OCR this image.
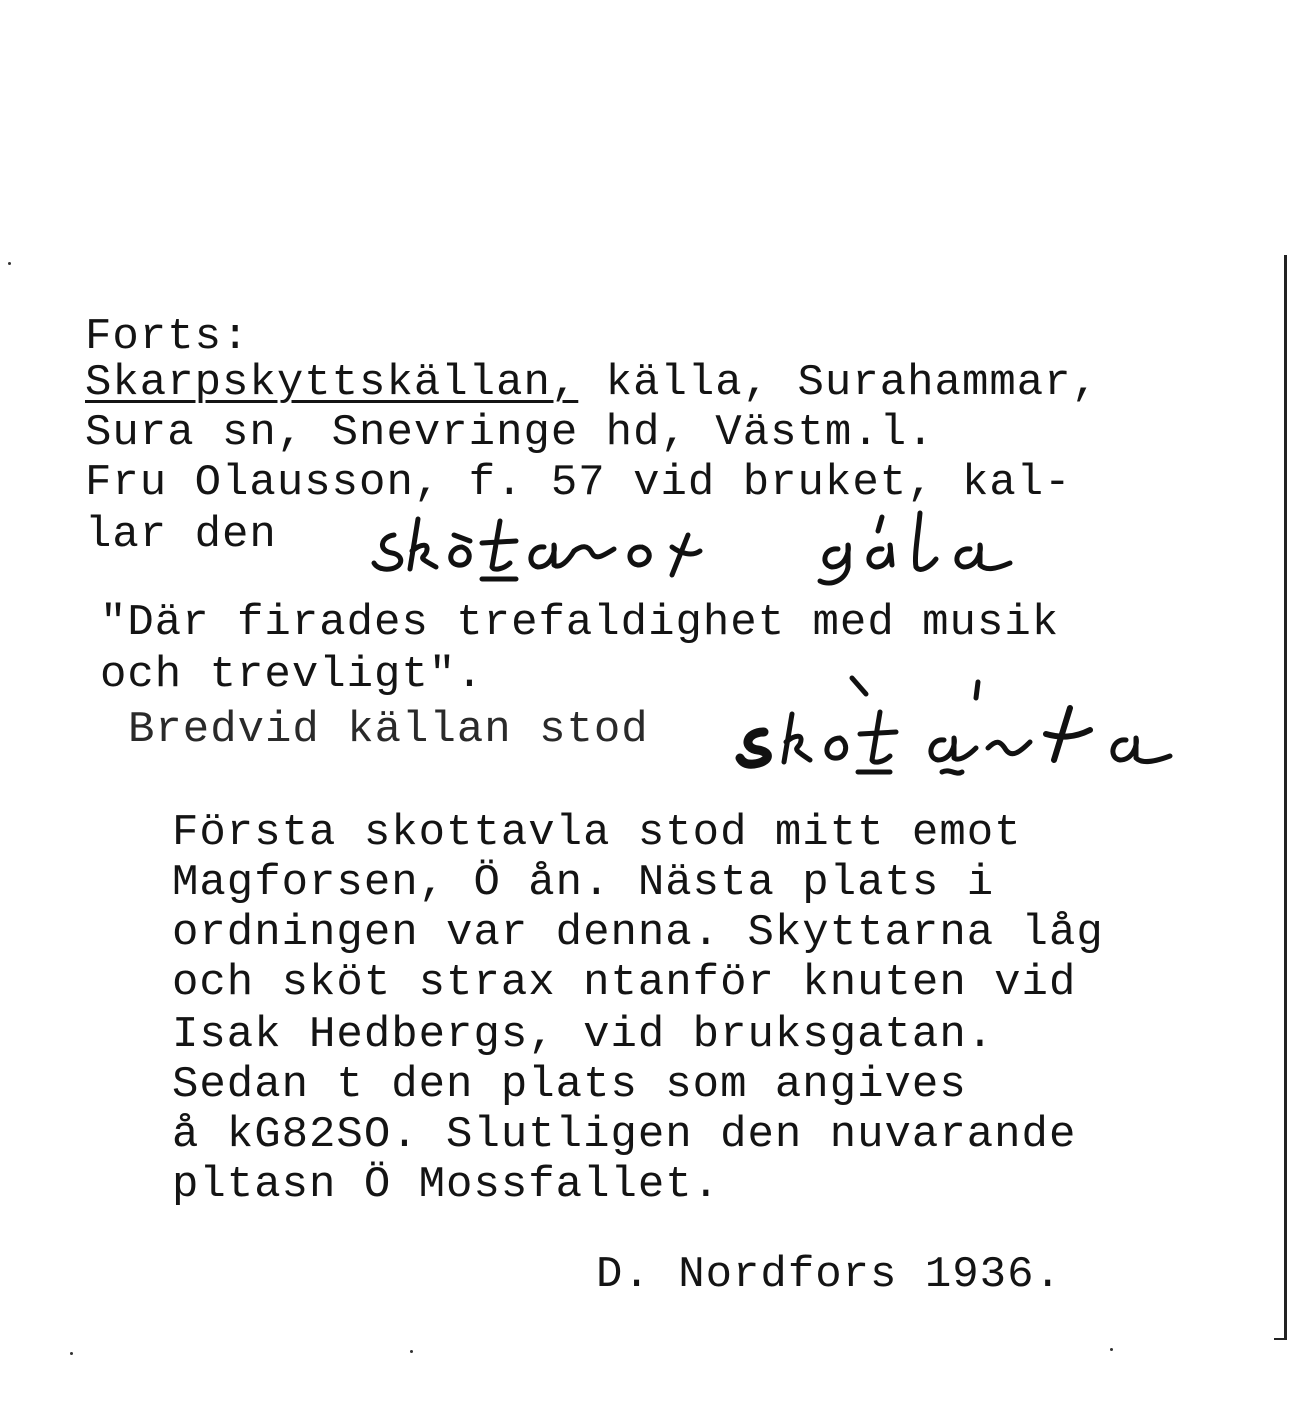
Forts:
Skarpskyttskällan, källa, Surahammar,
Sura sn, Snevringe hd, Västm.l.
Fru Olausson, f. 57 vid bruket, kal-
lar den
"Där firades trefaldighet med musik
och trevligt".
Bredvid källan stod
Första skottavla stod mitt emot
Magforsen, Ö ån. Nästa plats i
ordningen var denna. Skyttarna låg
och sköt strax ntanför knuten vid
Isak Hedbergs, vid bruksgatan.
Sedan t den plats som angives
å kG82SO. Slutligen den nuvarande
pltasn Ö Mossfallet.
D. Nordfors 1936.
